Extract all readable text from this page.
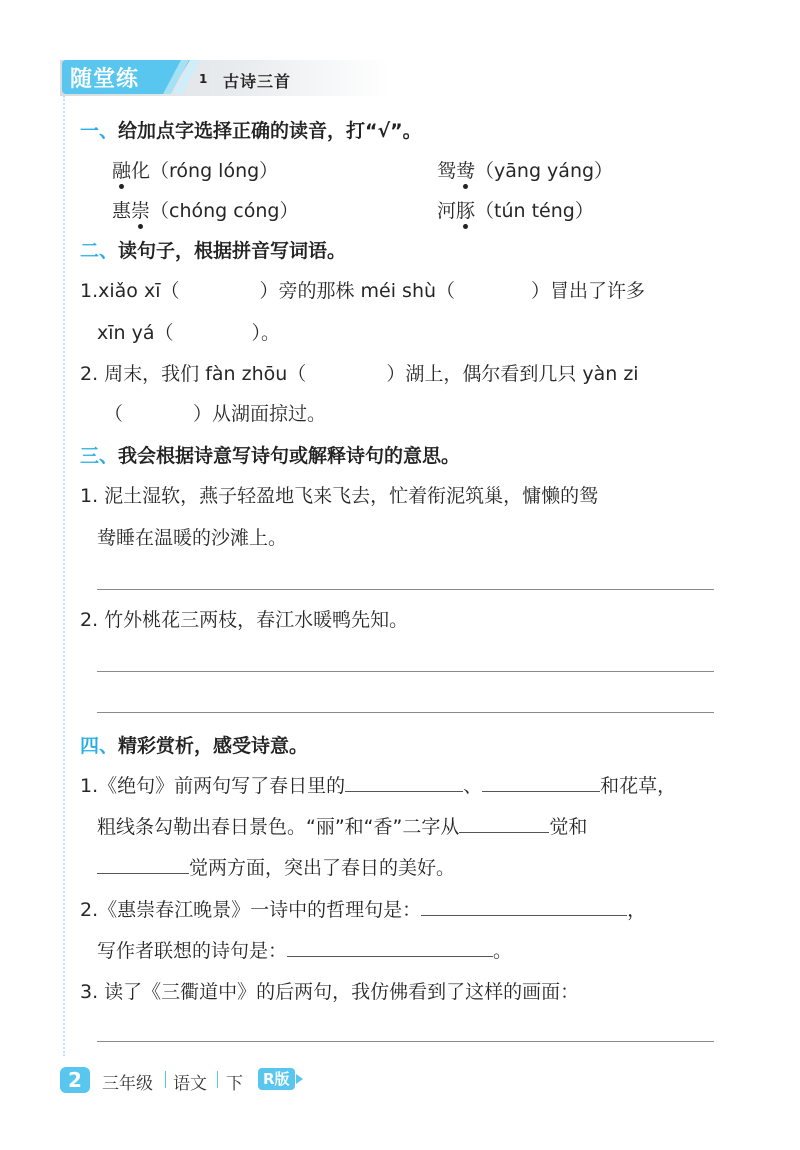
随堂练	1 古诗三首
一、给加点字选择正确的读音，打“√”。
融化（róng lóng）	鸳鸯（yāng yáng）
惠崇（chóng cóng）	河豚（tún téng）
二、读句子，根据拼音写词语。
1.xiǎo xī（	）旁的那株 méi shù（	）冒出了许多
xīn yá（	）。
2. 周末，我们 fàn zhōu（	）湖上，偶尔看到几只 yàn zi
（	）从湖面掠过。
三、我会根据诗意写诗句或解释诗句的意思。
1. 泥土湿软，燕子轻盈地飞来飞去，忙着衔泥筑巢，慵懒的鸳
鸯睡在温暖的沙滩上。
2. 竹外桃花三两枝，春江水暖鸭先知。
四、精彩赏析，感受诗意。
1.《绝句》前两句写了春日里的	、	和花草，
粗线条勾勒出春日景色。“丽”和“香”二字从	觉和
觉两方面，突出了春日的美好。
2.《惠崇春江晚景》一诗中的哲理句是：	，
写作者联想的诗句是：	。
3. 读了《三衢道中》的后两句，我仿佛看到了这样的画面：
2	三年级 语文 下	R版
